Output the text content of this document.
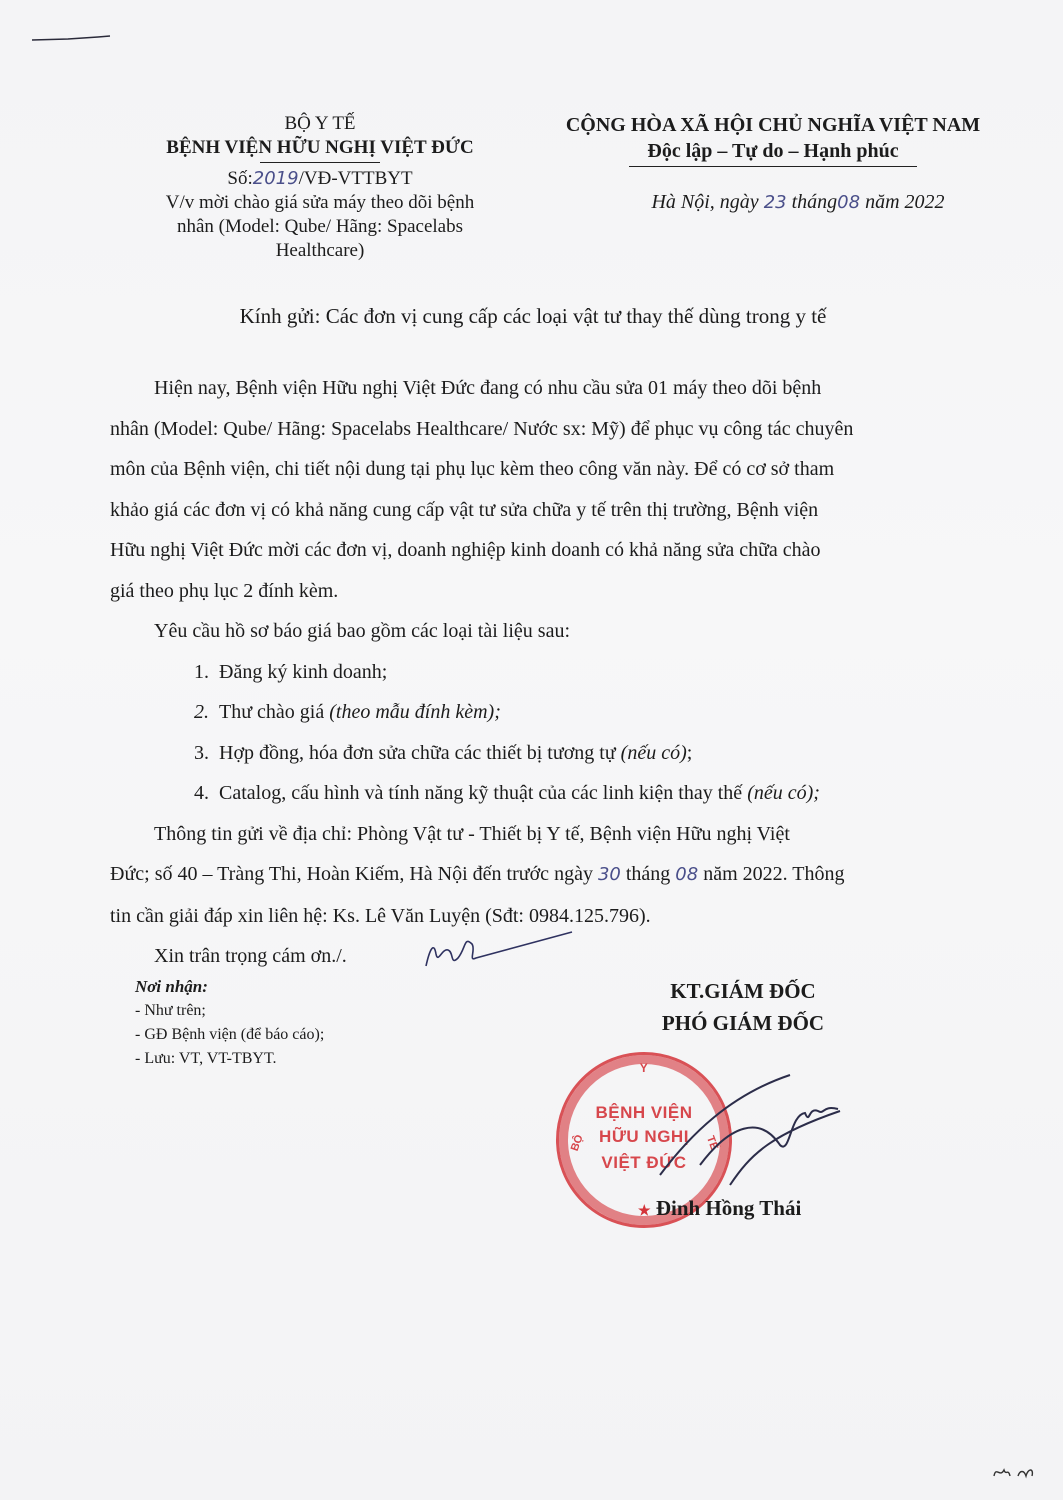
BỘ Y TẾ
BỆNH VIỆN HỮU NGHỊ VIỆT ĐỨC
Số:2019/VĐ-VTTBYT
V/v mời chào giá sửa máy theo dõi bệnh
nhân (Model: Qube/ Hãng: Spacelabs
Healthcare)
CỘNG HÒA XÃ HỘI CHỦ NGHĨA VIỆT NAM
Độc lập – Tự do – Hạnh phúc
Hà Nội, ngày 23 tháng08 năm 2022
Kính gửi: Các đơn vị cung cấp các loại vật tư thay thế dùng trong y tế
Hiện nay, Bệnh viện Hữu nghị Việt Đức đang có nhu cầu sửa 01 máy theo dõi bệnh
nhân (Model: Qube/ Hãng: Spacelabs Healthcare/ Nước sx: Mỹ) để phục vụ công tác chuyên
môn của Bệnh viện, chi tiết nội dung tại phụ lục kèm theo công văn này. Để có cơ sở tham
khảo giá các đơn vị có khả năng cung cấp vật tư sửa chữa y tế trên thị trường, Bệnh viện
Hữu nghị Việt Đức mời các đơn vị, doanh nghiệp kinh doanh có khả năng sửa chữa chào
giá theo phụ lục 2 đính kèm.
Yêu cầu hồ sơ báo giá bao gồm các loại tài liệu sau:
1. Đăng ký kinh doanh;
2. Thư chào giá (theo mẫu đính kèm);
3. Hợp đồng, hóa đơn sửa chữa các thiết bị tương tự (nếu có);
4. Catalog, cấu hình và tính năng kỹ thuật của các linh kiện thay thế (nếu có);
Thông tin gửi về địa chỉ: Phòng Vật tư - Thiết bị Y tế, Bệnh viện Hữu nghị Việt
Đức; số 40 – Tràng Thi, Hoàn Kiếm, Hà Nội đến trước ngày 30 tháng 08 năm 2022. Thông
tin cần giải đáp xin liên hệ: Ks. Lê Văn Luyện (Sđt: 0984.125.796).
Xin trân trọng cám ơn./.
Nơi nhận:
- Như trên;
- GĐ Bệnh viện (để báo cáo);
- Lưu: VT, VT-TBYT.
KT.GIÁM ĐỐC
PHÓ GIÁM ĐỐC
Y
BỆNH VIỆN
HỮU NGHỊ
VIỆT ĐỨC
BỘ	TẾ
★ Đinh Hồng Thái
